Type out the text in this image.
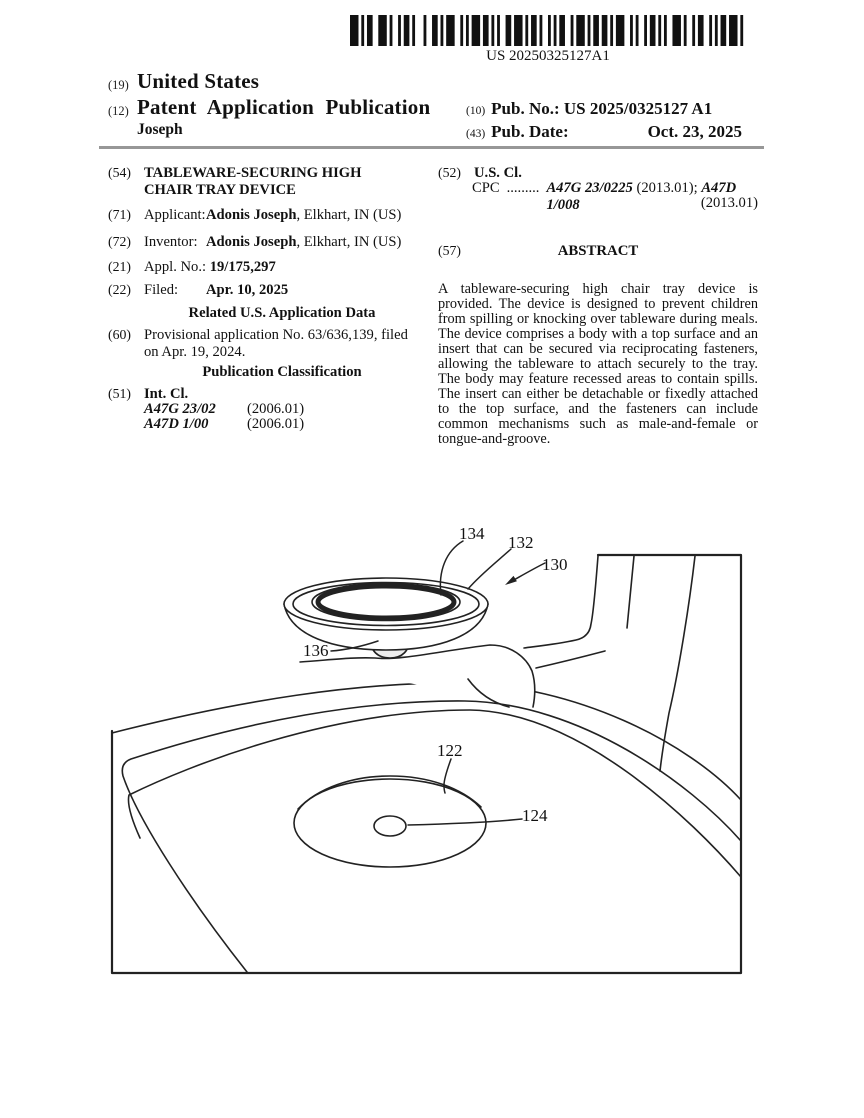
US 20250325127A1
(19) United States
(12) Patent Application Publication
Joseph
(10) Pub. No.: US 2025/0325127 A1
(43) Pub. Date:	Oct. 23, 2025
(54) TABLEWARE-SECURING HIGH CHAIR TRAY DEVICE
(71) Applicant:Adonis Joseph, Elkhart, IN (US)
(72) Inventor: Adonis Joseph, Elkhart, IN (US)
(21) Appl. No.: 19/175,297
(22) Filed: Apr. 10, 2025
Related U.S. Application Data
(60) Provisional application No. 63/636,139, filed on Apr. 19, 2024.
Publication Classification
(51) Int. Cl.
A47G 23/02	(2006.01)
A47D 1/00	(2006.01)
(52) U.S. Cl.
CPC ......... A47G 23/0225 (2013.01); A47D 1/008	(2013.01)
(57)	ABSTRACT
A tableware-securing high chair tray device is provided. The device is designed to prevent children from spilling or knocking over tableware during meals. The device comprises a body with a top surface and an insert that can be secured via reciprocating fasteners, allowing the tableware to attach securely to the tray. The body may feature recessed areas to contain spills. The insert can either be detachable or fixedly attached to the top surface, and the fasteners can include common mechanisms such as male-and-female or tongue-and-groove.
134 132
130
136
122
124
